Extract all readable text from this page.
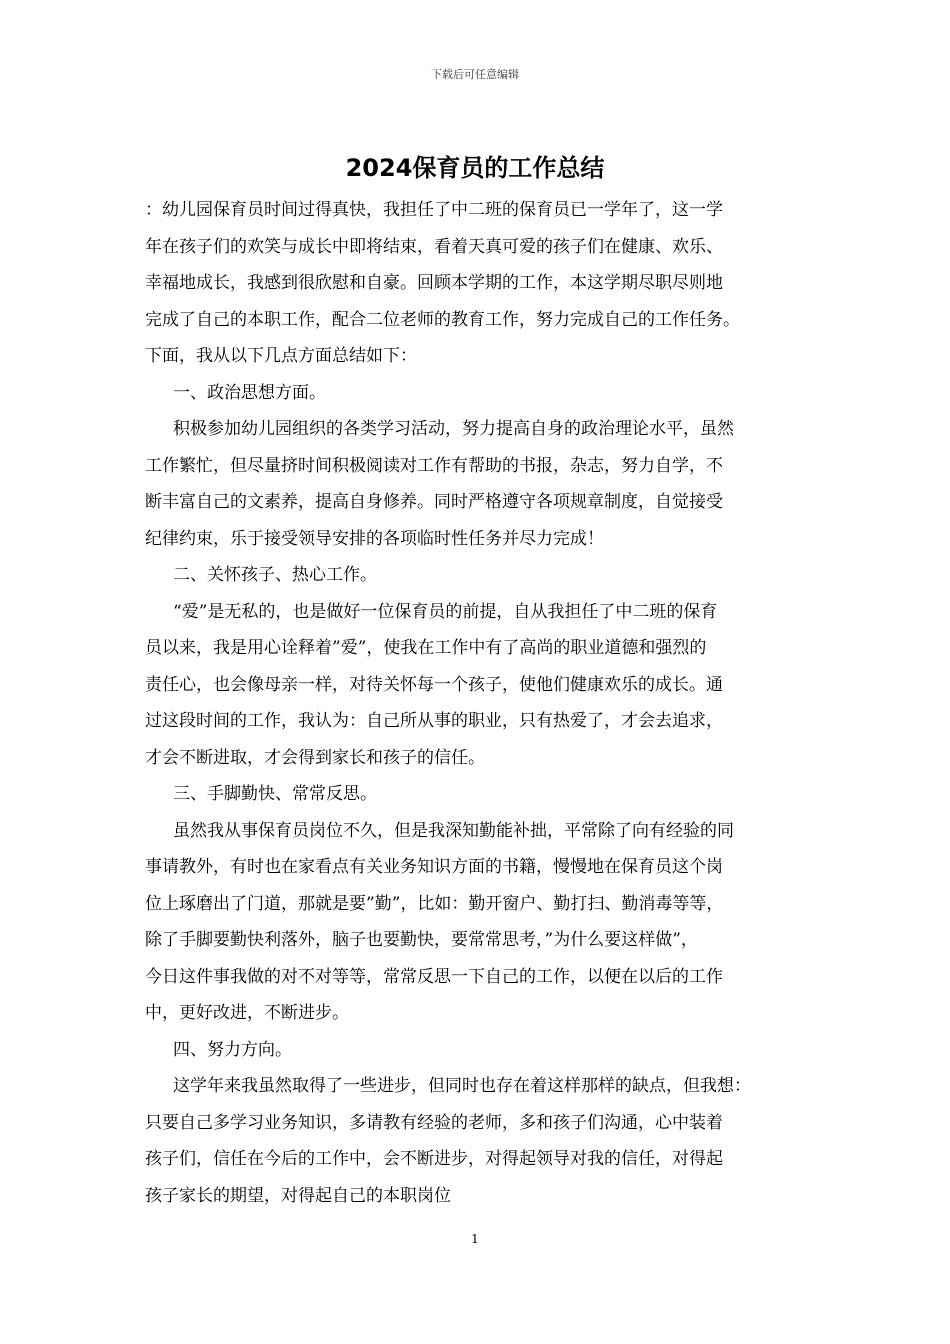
下载后可任意编辑
2024保育员的工作总结
：幼儿园保育员时间过得真快，我担任了中二班的保育员已一学年了，这一学
年在孩子们的欢笑与成长中即将结束，看着天真可爱的孩子们在健康、欢乐、
幸福地成长，我感到很欣慰和自豪。回顾本学期的工作，本这学期尽职尽则地
完成了自己的本职工作，配合二位老师的教育工作，努力完成自己的工作任务。
下面，我从以下几点方面总结如下：
一、政治思想方面。
积极参加幼儿园组织的各类学习活动，努力提高自身的政治理论水平，虽然
工作繁忙，但尽量挤时间积极阅读对工作有帮助的书报，杂志，努力自学，不
断丰富自己的文素养，提高自身修养。同时严格遵守各项规章制度，自觉接受
纪律约束，乐于接受领导安排的各项临时性任务并尽力完成！
二、关怀孩子、热心工作。
“爱”是无私的，也是做好一位保育员的前提，自从我担任了中二班的保育
员以来，我是用心诠释着”爱”，使我在工作中有了高尚的职业道德和强烈的
责任心，也会像母亲一样，对待关怀每一个孩子，使他们健康欢乐的成长。通
过这段时间的工作，我认为：自己所从事的职业，只有热爱了，才会去追求，
才会不断进取，才会得到家长和孩子的信任。
三、手脚勤快、常常反思。
虽然我从事保育员岗位不久，但是我深知勤能补拙，平常除了向有经验的同
事请教外，有时也在家看点有关业务知识方面的书籍，慢慢地在保育员这个岗
位上琢磨出了门道，那就是要”勤”，比如：勤开窗户、勤打扫、勤消毒等等，
除了手脚要勤快利落外，脑子也要勤快，要常常思考，”为什么要这样做”，
今日这件事我做的对不对等等，常常反思一下自己的工作，以便在以后的工作
中，更好改进，不断进步。
四、努力方向。
这学年来我虽然取得了一些进步，但同时也存在着这样那样的缺点，但我想：
只要自己多学习业务知识，多请教有经验的老师，多和孩子们沟通，心中装着
孩子们，信任在今后的工作中，会不断进步，对得起领导对我的信任，对得起
孩子家长的期望，对得起自己的本职岗位
1
